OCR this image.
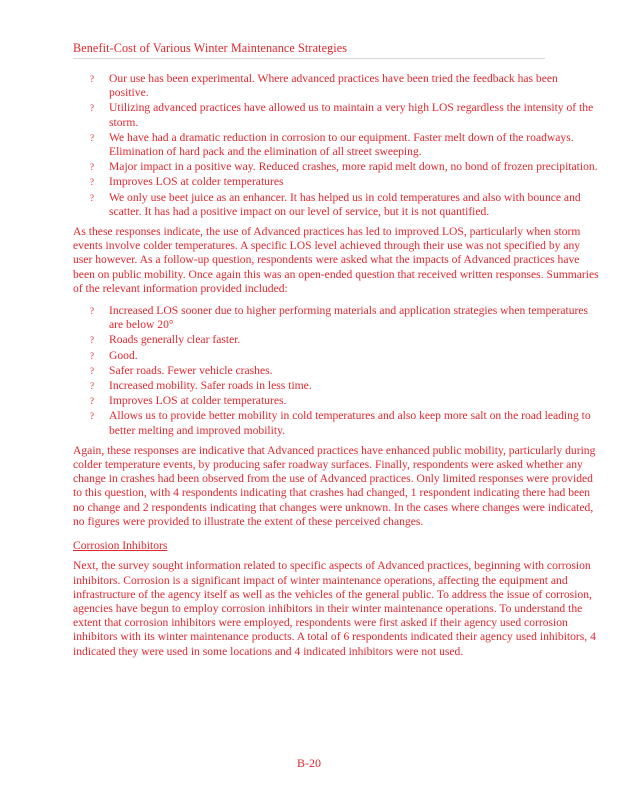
Benefit-Cost of Various Winter Maintenance Strategies
? Our use has been experimental. Where advanced practices have been tried the feedback has been positive.
? Utilizing advanced practices have allowed us to maintain a very high LOS regardless the intensity of the storm.
? We have had a dramatic reduction in corrosion to our equipment. Faster melt down of the roadways. Elimination of hard pack and the elimination of all street sweeping.
? Major impact in a positive way. Reduced crashes, more rapid melt down, no bond of frozen precipitation.
? Improves LOS at colder temperatures
? We only use beet juice as an enhancer. It has helped us in cold temperatures and also with bounce and scatter. It has had a positive impact on our level of service, but it is not quantified.

As these responses indicate, the use of Advanced practices has led to improved LOS, particularly when storm events involve colder temperatures. A specific LOS level achieved through their use was not specified by any user however. As a follow-up question, respondents were asked what the impacts of Advanced practices have been on public mobility. Once again this was an open-ended question that received written responses. Summaries of the relevant information provided included:

? Increased LOS sooner due to higher performing materials and application strategies when temperatures are below 20°
? Roads generally clear faster.
? Good.
? Safer roads. Fewer vehicle crashes.
? Increased mobility. Safer roads in less time.
? Improves LOS at colder temperatures.
? Allows us to provide better mobility in cold temperatures and also keep more salt on the road leading to better melting and improved mobility.

Again, these responses are indicative that Advanced practices have enhanced public mobility, particularly during colder temperature events, by producing safer roadway surfaces. Finally, respondents were asked whether any change in crashes had been observed from the use of Advanced practices. Only limited responses were provided to this question, with 4 respondents indicating that crashes had changed, 1 respondent indicating there had been no change and 2 respondents indicating that changes were unknown. In the cases where changes were indicated, no figures were provided to illustrate the extent of these perceived changes.

Corrosion Inhibitors

Next, the survey sought information related to specific aspects of Advanced practices, beginning with corrosion inhibitors. Corrosion is a significant impact of winter maintenance operations, affecting the equipment and infrastructure of the agency itself as well as the vehicles of the general public. To address the issue of corrosion, agencies have begun to employ corrosion inhibitors in their winter maintenance operations. To understand the extent that corrosion inhibitors were employed, respondents were first asked if their agency used corrosion inhibitors with its winter maintenance products. A total of 6 respondents indicated their agency used inhibitors, 4 indicated they were used in some locations and 4 indicated inhibitors were not used.

B-20
